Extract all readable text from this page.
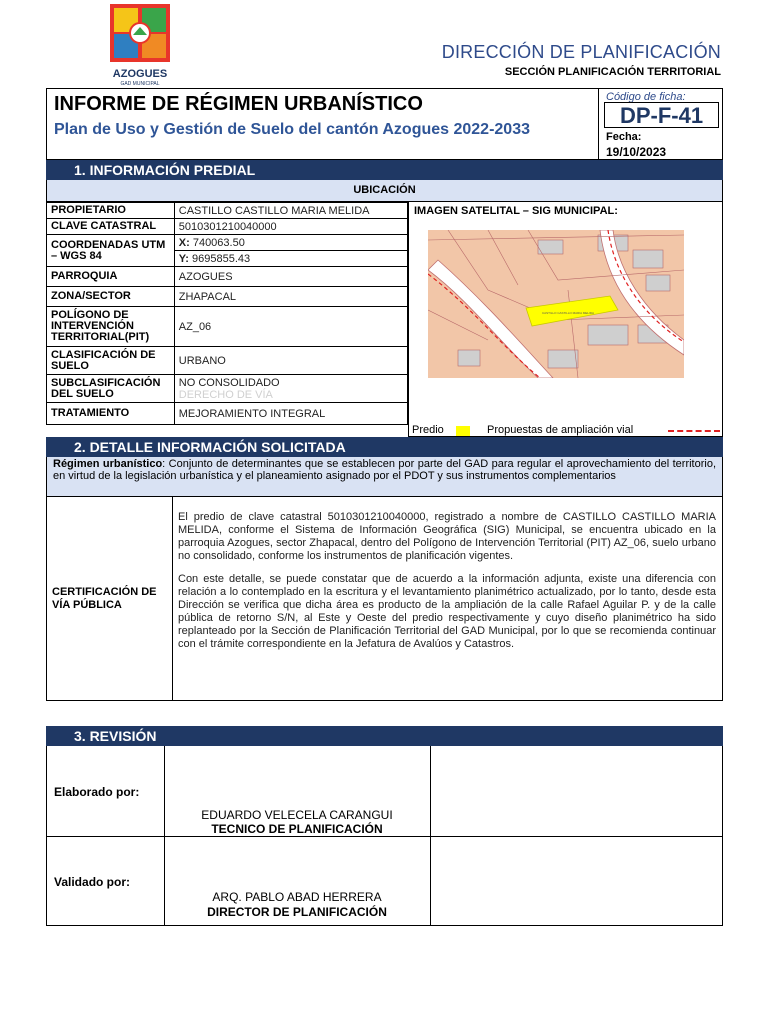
AZOGUES
GAD MUNICIPAL
DIRECCIÓN DE PLANIFICACIÓN
SECCIÓN PLANIFICACIÓN TERRITORIAL
INFORME DE RÉGIMEN URBANÍSTICO
Plan de Uso y Gestión de Suelo del cantón Azogues 2022-2033
Código de ficha:
DP-F-41
Fecha:
19/10/2023
1. INFORMACIÓN PREDIAL
UBICACIÓN
PROPIETARIO	CASTILLO CASTILLO MARIA MELIDA
CLAVE CATASTRAL	5010301210040000
COORDENADAS UTM – WGS 84	X: 740063.50
	Y: 9695855.43
PARROQUIA	AZOGUES
ZONA/SECTOR	ZHAPACAL
POLÍGONO DE INTERVENCIÓN TERRITORIAL(PIT)	AZ_06
CLASIFICACIÓN DE SUELO	URBANO
SUBCLASIFICACIÓN DEL SUELO	NO CONSOLIDADO
DERECHO DE VÍA
TRATAMIENTO	MEJORAMIENTO INTEGRAL
IMAGEN SATELITAL – SIG MUNICIPAL:
CASTILLO CASTILLO MARIA MELIDA
Predio	Propuestas de ampliación vial
2. DETALLE INFORMACIÓN SOLICITADA
Régimen urbanístico: Conjunto de determinantes que se establecen por parte del GAD para regular el aprovechamiento del territorio, en virtud de la legislación urbanística y el planeamiento asignado por el PDOT y sus instrumentos complementarios
CERTIFICACIÓN DE VÍA PÚBLICA

El predio de clave catastral 5010301210040000, registrado a nombre de CASTILLO CASTILLO MARIA MELIDA, conforme el Sistema de Información Geográfica (SIG) Municipal, se encuentra ubicado en la parroquia Azogues, sector Zhapacal, dentro del Polígono de Intervención Territorial (PIT) AZ_06, suelo urbano no consolidado, conforme los instrumentos de planificación vigentes.

Con este detalle, se puede constatar que de acuerdo a la información adjunta, existe una diferencia con relación a lo contemplado en la escritura y el levantamiento planimétrico actualizado, por lo tanto, desde esta Dirección se verifica que dicha área es producto de la ampliación de la calle Rafael Aguilar P. y de la calle pública de retorno S/N, al Este y Oeste del predio respectivamente y cuyo diseño planimétrico ha sido replanteado por la Sección de Planificación Territorial del GAD Municipal, por lo que se recomienda continuar con el trámite correspondiente en la Jefatura de Avalúos y Catastros.

3. REVISIÓN
Elaborado por:
EDUARDO VELECELA CARANGUI
TECNICO DE PLANIFICACIÓN
Validado por:
ARQ. PABLO ABAD HERRERA
DIRECTOR DE PLANIFICACIÓN
